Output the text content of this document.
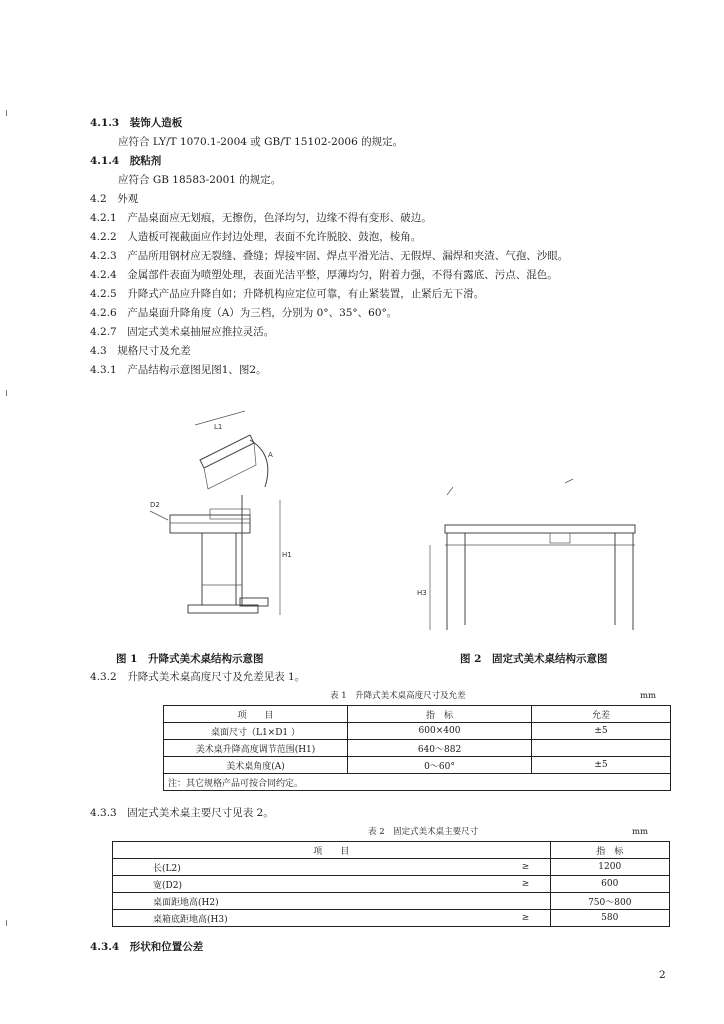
4.1.3　 装饰人造板
应符合 LY/T 1070.1-2004 或 GB/T 15102-2006 的规定。
4.1.4　 胶粘剂
应符合 GB 18583-2001 的规定。
4.2　 外观
4.2.1　 产品桌面应无划痕，无擦伤，色泽均匀，边缘不得有变形、破边。
4.2.2　 人造板可视截面应作封边处理，表面不允许脱胶、鼓泡，棱角。
4.2.3　 产品所用钢材应无裂缝、叠缝；焊接牢固、焊点平滑光洁、无假焊、漏焊和夹渣、气孢、沙眼。
4.2.4　 金属部件表面为喷塑处理，表面光洁平整，厚薄均匀，附着力强，不得有露底、污点、混色。
4.2.5　 升降式产品应升降自如；升降机构应定位可靠，有止紧装置，止紧后无下滑。
4.2.6　 产品桌面升降角度（A）为三档，分别为 0°、35°、60°。
4.2.7　 固定式美术桌抽屉应推拉灵活。
4.3　 规格尺寸及允差
4.3.1　 产品结构示意图见图1、图2。
L1
A
D2
H1
H3
图 1　升降式美术桌结构示意图	图 2　固定式美术桌结构示意图
4.3.2　 升降式美术桌高度尺寸及允差见表 1。
表 1　升降式美术桌高度尺寸及允差	mm
项　　目	指　标	允差
桌面尺寸（L1×D1 ）	600×400	±5
美术桌升降高度调节范围(H1)	640～882	
美术桌角度(A)	0～60°	±5
注：其它规格产品可按合同约定。		
4.3.3　 固定式美术桌主要尺寸见表 2。
表 2　固定式美术桌主要尺寸	mm
项　　目		指　标
长(L2)	≥	1200
宽(D2)	≥	600
桌面距地高(H2)		750～800
桌箱底距地高(H3)	≥	580
4.3.4　 形状和位置公差
2
